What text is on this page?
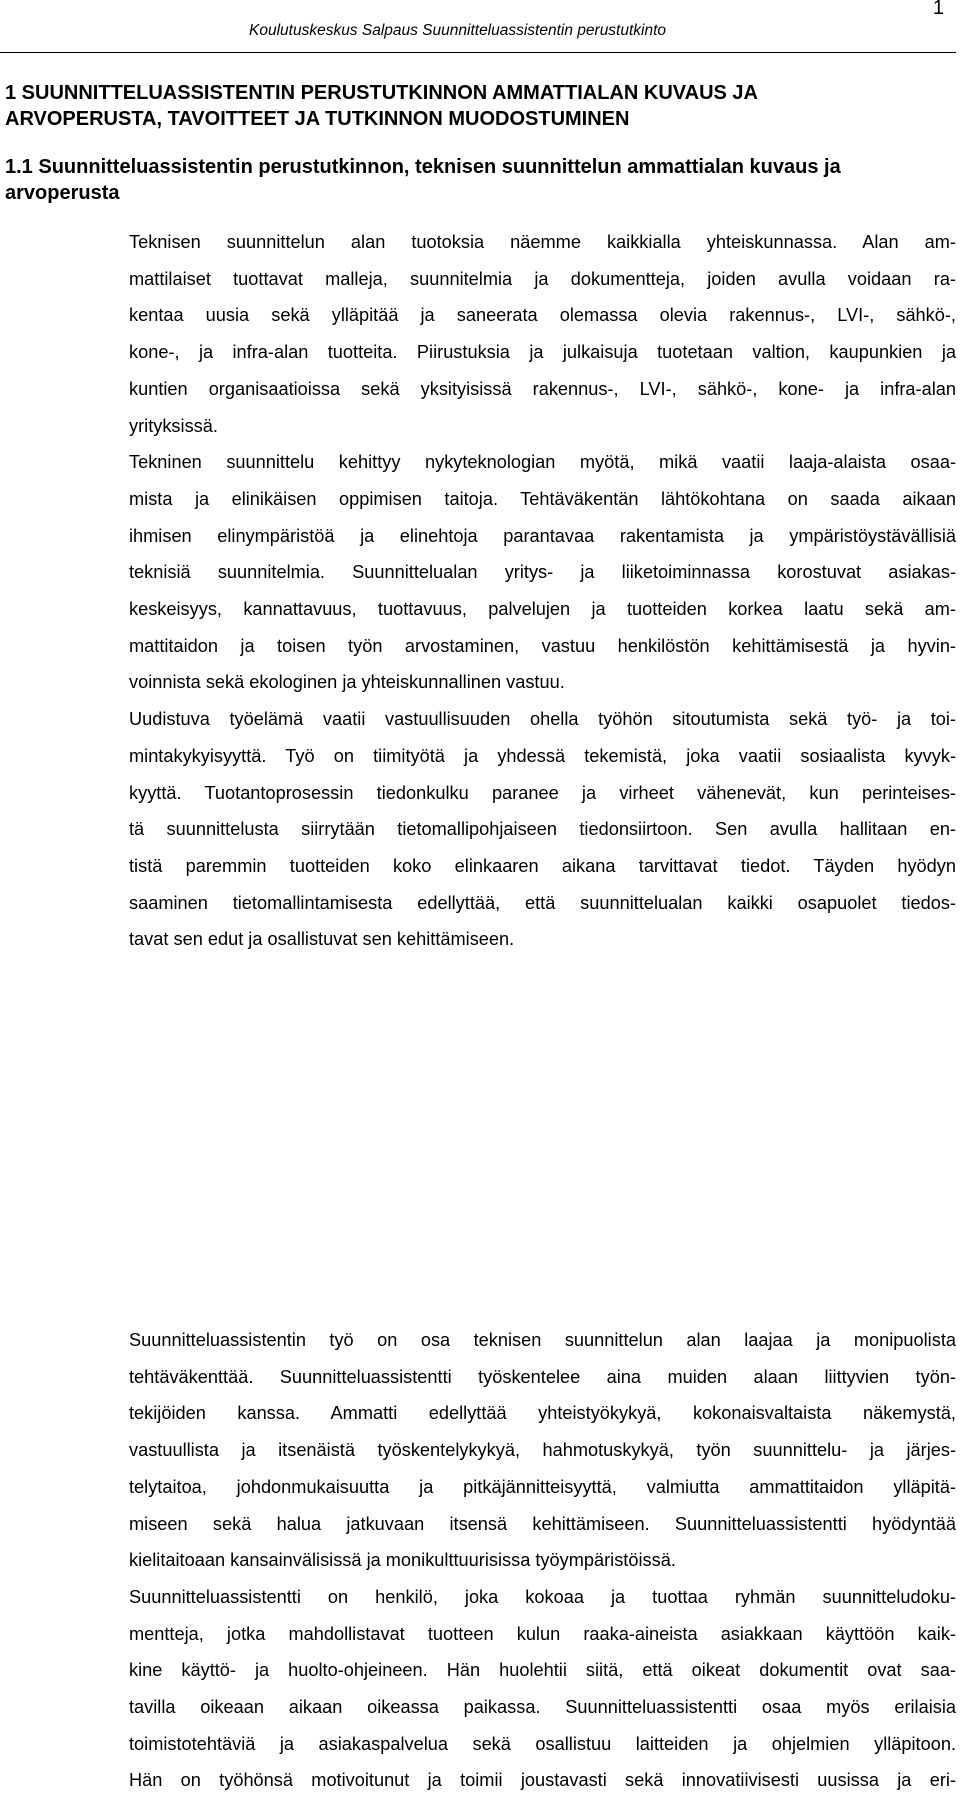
1
Koulutuskeskus Salpaus Suunnitteluassistentin perustutkinto
1 SUUNNITTELUASSISTENTIN PERUSTUTKINNON AMMATTIALAN KUVAUS JA
ARVOPERUSTA, TAVOITTEET JA TUTKINNON MUODOSTUMINEN
1.1 Suunnitteluassistentin perustutkinnon, teknisen suunnittelun ammattialan kuvaus ja
arvoperusta
Teknisen suunnittelun alan tuotoksia näemme kaikkialla yhteiskunnassa. Alan am-
mattilaiset tuottavat malleja, suunnitelmia ja dokumentteja, joiden avulla voidaan ra-
kentaa uusia sekä ylläpitää ja saneerata olemassa olevia rakennus-, LVI-, sähkö-,
kone-, ja infra-alan tuotteita. Piirustuksia ja julkaisuja tuotetaan valtion, kaupunkien ja
kuntien organisaatioissa sekä yksityisissä rakennus-, LVI-, sähkö-, kone- ja infra-alan
yrityksissä.
Tekninen suunnittelu kehittyy nykyteknologian myötä, mikä vaatii laaja-alaista osaa-
mista ja elinikäisen oppimisen taitoja. Tehtäväkentän lähtökohtana on saada aikaan
ihmisen elinympäristöä ja elinehtoja parantavaa rakentamista ja ympäristöystävällisiä
teknisiä suunnitelmia. Suunnittelualan yritys- ja liiketoiminnassa korostuvat asiakas-
keskeisyys, kannattavuus, tuottavuus, palvelujen ja tuotteiden korkea laatu sekä am-
mattitaidon ja toisen työn arvostaminen, vastuu henkilöstön kehittämisestä ja hyvin-
voinnista sekä ekologinen ja yhteiskunnallinen vastuu.
Uudistuva työelämä vaatii vastuullisuuden ohella työhön sitoutumista sekä työ- ja toi-
mintakykyisyyttä. Työ on tiimityötä ja yhdessä tekemistä, joka vaatii sosiaalista kyvyk-
kyyttä. Tuotantoprosessin tiedonkulku paranee ja virheet vähenevät, kun perinteises-
tä suunnittelusta siirrytään tietomallipohjaiseen tiedonsiirtoon. Sen avulla hallitaan en-
tistä paremmin tuotteiden koko elinkaaren aikana tarvittavat tiedot. Täyden hyödyn
saaminen tietomallintamisesta edellyttää, että suunnittelualan kaikki osapuolet tiedos-
tavat sen edut ja osallistuvat sen kehittämiseen.
Suunnitteluassistentin työ on osa teknisen suunnittelun alan laajaa ja monipuolista
tehtäväkenttää. Suunnitteluassistentti työskentelee aina muiden alaan liittyvien työn-
tekijöiden kanssa. Ammatti edellyttää yhteistyökykyä, kokonaisvaltaista näkemystä,
vastuullista ja itsenäistä työskentelykykyä, hahmotuskykyä, työn suunnittelu- ja järjes-
telytaitoa, johdonmukaisuutta ja pitkäjännitteisyyttä, valmiutta ammattitaidon ylläpitä-
miseen sekä halua jatkuvaan itsensä kehittämiseen. Suunnitteluassistentti hyödyntää
kielitaitoaan kansainvälisissä ja monikulttuurisissa työympäristöissä.
Suunnitteluassistentti on henkilö, joka kokoaa ja tuottaa ryhmän suunnitteludoku-
mentteja, jotka mahdollistavat tuotteen kulun raaka-aineista asiakkaan käyttöön kaik-
kine käyttö- ja huolto-ohjeineen. Hän huolehtii siitä, että oikeat dokumentit ovat saa-
tavilla oikeaan aikaan oikeassa paikassa. Suunnitteluassistentti osaa myös erilaisia
toimistotehtäviä ja asiakaspalvelua sekä osallistuu laitteiden ja ohjelmien ylläpitoon.
Hän on työhönsä motivoitunut ja toimii joustavasti sekä innovatiivisesti uusissa ja eri-
